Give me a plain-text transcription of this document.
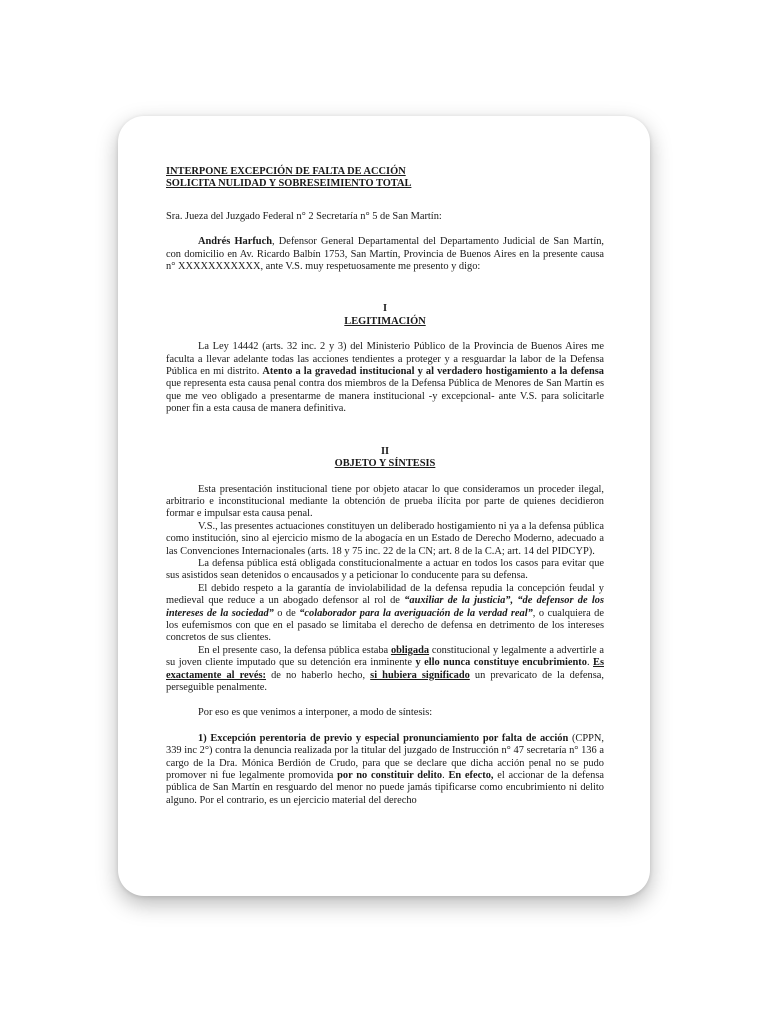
INTERPONE EXCEPCIÓN DE FALTA DE ACCIÓN
SOLICITA NULIDAD Y SOBRESEIMIENTO TOTAL

Sra. Jueza del Juzgado Federal n° 2 Secretaría n° 5 de San Martín:

Andrés Harfuch, Defensor General Departamental del Departamento Judicial de San Martín, con domicilio en Av. Ricardo Balbín 1753, San Martín, Provincia de Buenos Aires en la presente causa n° XXXXXXXXXXX, ante V.S. muy respetuosamente me presento y digo:

I
LEGITIMACIÓN

La Ley 14442 (arts. 32 inc. 2 y 3) del Ministerio Público de la Provincia de Buenos Aires me faculta a llevar adelante todas las acciones tendientes a proteger y a resguardar la labor de la Defensa Pública en mi distrito. Atento a la gravedad institucional y al verdadero hostigamiento a la defensa que representa esta causa penal contra dos miembros de la Defensa Pública de Menores de San Martín es que me veo obligado a presentarme de manera institucional -y excepcional- ante V.S. para solicitarle poner fin a esta causa de manera definitiva.

II
OBJETO Y SÍNTESIS

Esta presentación institucional tiene por objeto atacar lo que consideramos un proceder ilegal, arbitrario e inconstitucional mediante la obtención de prueba ilícita por parte de quienes decidieron formar e impulsar esta causa penal.

V.S., las presentes actuaciones constituyen un deliberado hostigamiento ni ya a la defensa pública como institución, sino al ejercicio mismo de la abogacía en un Estado de Derecho Moderno, adecuado a las Convenciones Internacionales (arts. 18 y 75 inc. 22 de la CN; art. 8 de la C.A; art. 14 del PIDCYP).

La defensa pública está obligada constitucionalmente a actuar en todos los casos para evitar que sus asistidos sean detenidos o encausados y a peticionar lo conducente para su defensa.

El debido respeto a la garantía de inviolabilidad de la defensa repudia la concepción feudal y medieval que reduce a un abogado defensor al rol de “auxiliar de la justicia”, “de defensor de los intereses de la sociedad” o de “colaborador para la averiguación de la verdad real”, o cualquiera de los eufemismos con que en el pasado se limitaba el derecho de defensa en detrimento de los intereses concretos de sus clientes.

En el presente caso, la defensa pública estaba obligada constitucional y legalmente a advertirle a su joven cliente imputado que su detención era inminente y ello nunca constituye encubrimiento. Es exactamente al revés: de no haberlo hecho, si hubiera significado un prevaricato de la defensa, perseguible penalmente.

Por eso es que venimos a interponer, a modo de síntesis:

1) Excepción perentoria de previo y especial pronunciamiento por falta de acción (CPPN, 339 inc 2°) contra la denuncia realizada por la titular del juzgado de Instrucción n° 47 secretaría n° 136 a cargo de la Dra. Mónica Berdión de Crudo, para que se declare que dicha acción penal no se pudo promover ni fue legalmente promovida por no constituir delito. En efecto, el accionar de la defensa pública de San Martín en resguardo del menor no puede jamás tipificarse como encubrimiento ni delito alguno. Por el contrario, es un ejercicio material del derecho
